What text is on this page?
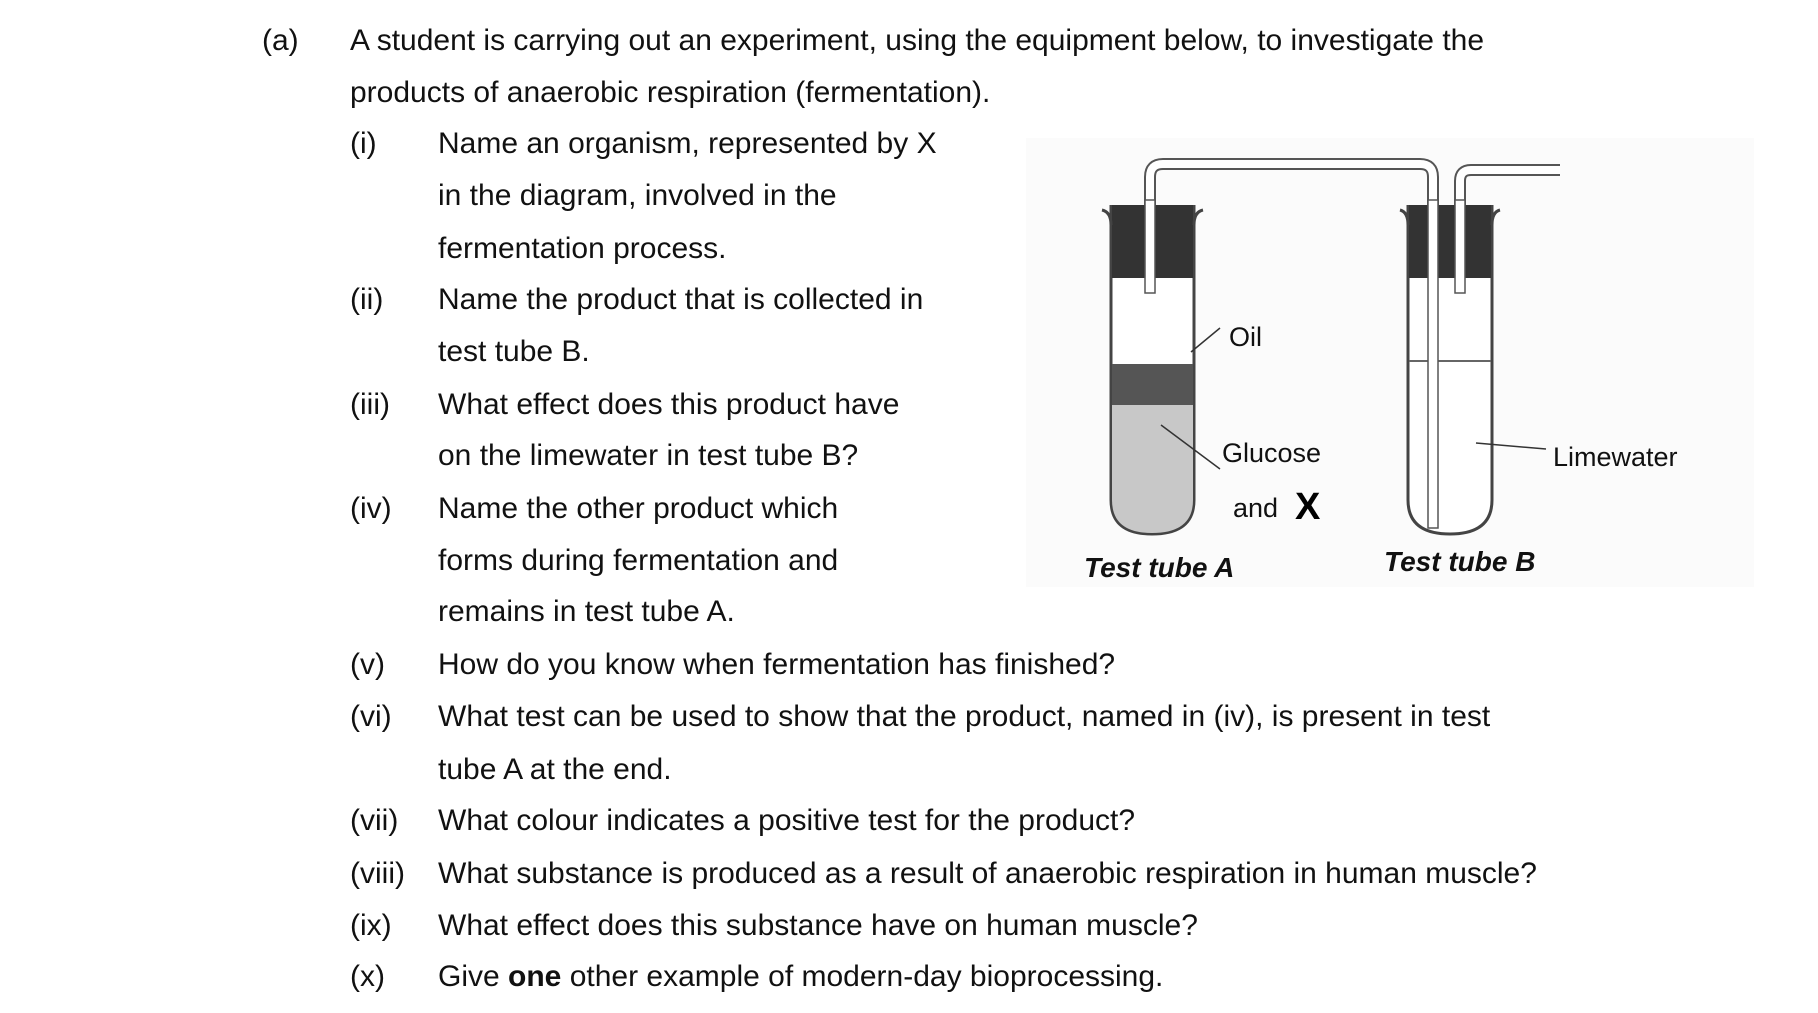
Oil
Glucose
and X
Limewater
Test tube A	Test tube B
(a) A student is carrying out an experiment, using the equipment below, to investigate the
products of anaerobic respiration (fermentation).
(i) Name an organism, represented by X
in the diagram, involved in the
fermentation process.
(ii) Name the product that is collected in
test tube B.
(iii) What effect does this product have
on the limewater in test tube B?
(iv) Name the other product which
forms during fermentation and
remains in test tube A.
(v) How do you know when fermentation has finished?
(vi) What test can be used to show that the product, named in (iv), is present in test
tube A at the end.
(vii) What colour indicates a positive test for the product?
(viii) What substance is produced as a result of anaerobic respiration in human muscle?
(ix) What effect does this substance have on human muscle?
(x) Give one other example of modern-day bioprocessing.
